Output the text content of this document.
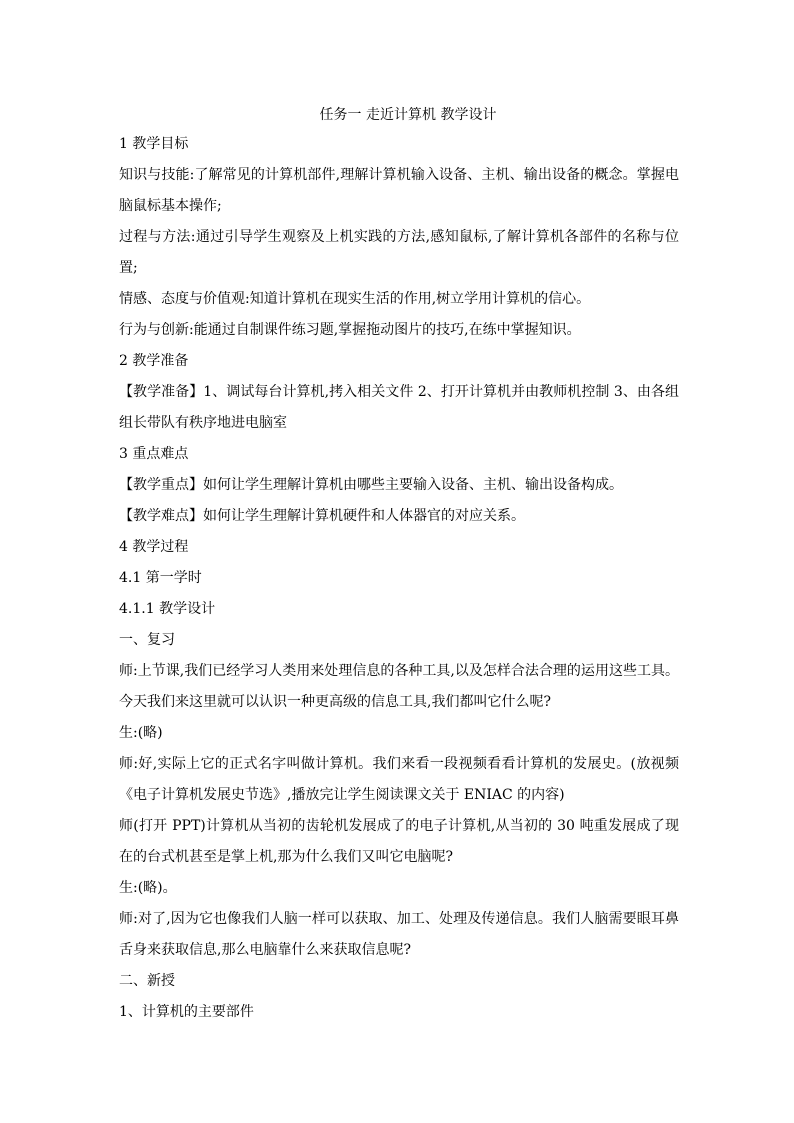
任务一 走近计算机 教学设计

1 教学目标

知识与技能:了解常见的计算机部件,理解计算机输入设备、主机、输出设备的概念。掌握电脑鼠标基本操作;

过程与方法:通过引导学生观察及上机实践的方法,感知鼠标,了解计算机各部件的名称与位置;

情感、态度与价值观:知道计算机在现实生活的作用,树立学用计算机的信心。

行为与创新:能通过自制课件练习题,掌握拖动图片的技巧,在练中掌握知识。

2 教学准备

【教学准备】1、调试每台计算机,拷入相关文件 2、打开计算机并由教师机控制 3、由各组组长带队有秩序地进电脑室

3 重点难点

【教学重点】如何让学生理解计算机由哪些主要输入设备、主机、输出设备构成。

【教学难点】如何让学生理解计算机硬件和人体器官的对应关系。

4 教学过程

4.1 第一学时

4.1.1 教学设计

一、复习

师:上节课,我们已经学习人类用来处理信息的各种工具,以及怎样合法合理的运用这些工具。今天我们来这里就可以认识一种更高级的信息工具,我们都叫它什么呢?

生:(略)

师:好,实际上它的正式名字叫做计算机。我们来看一段视频看看计算机的发展史。(放视频《电子计算机发展史节选》,播放完让学生阅读课文关于 ENIAC 的内容)

师(打开 PPT)计算机从当初的齿轮机发展成了的电子计算机,从当初的 30 吨重发展成了现在的台式机甚至是掌上机,那为什么我们又叫它电脑呢?

生:(略)。

师:对了,因为它也像我们人脑一样可以获取、加工、处理及传递信息。我们人脑需要眼耳鼻舌身来获取信息,那么电脑靠什么来获取信息呢?

二、新授

1、计算机的主要部件
